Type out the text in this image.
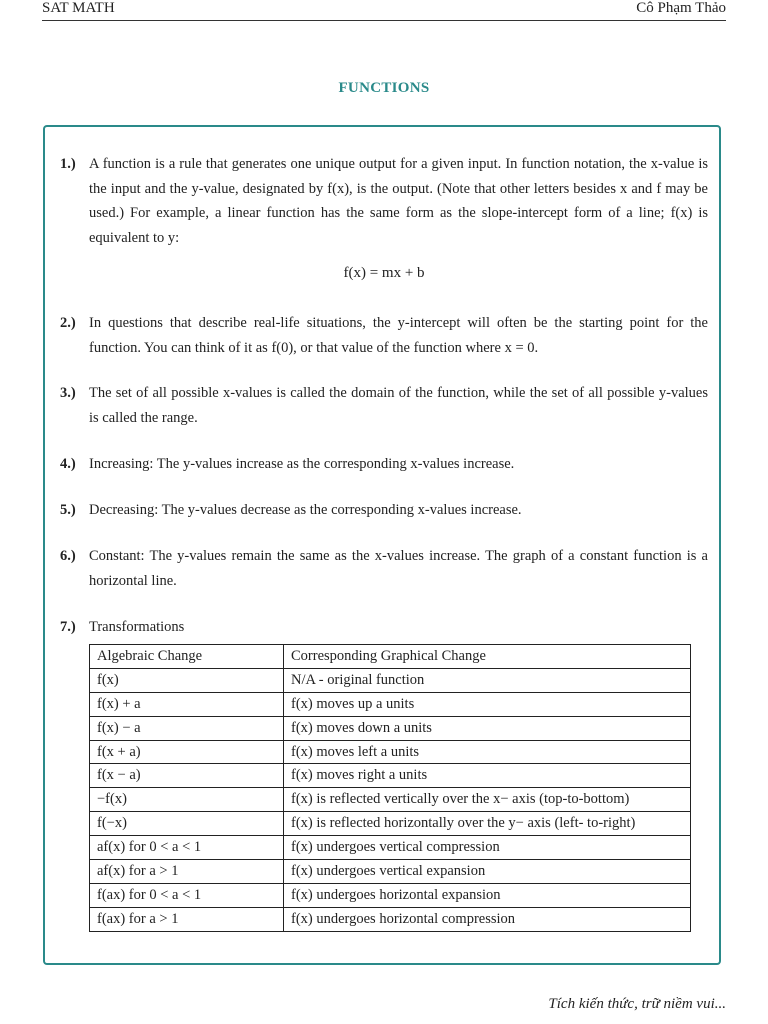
SAT MATH	Cô Phạm Thảo
FUNCTIONS
1.) A function is a rule that generates one unique output for a given input. In function notation, the x-value is the input and the y-value, designated by f(x), is the output. (Note that other letters besides x and f may be used.) For example, a linear function has the same form as the slope-intercept form of a line; f(x) is equivalent to y:
f(x) = mx + b
2.) In questions that describe real-life situations, the y-intercept will often be the starting point for the function. You can think of it as f(0), or that value of the function where x = 0.
3.) The set of all possible x-values is called the domain of the function, while the set of all possible y-values is called the range.
4.) Increasing: The y-values increase as the corresponding x-values increase.
5.) Decreasing: The y-values decrease as the corresponding x-values increase.
6.) Constant: The y-values remain the same as the x-values increase. The graph of a constant function is a horizontal line.
7.) Transformations
Algebraic Change	Corresponding Graphical Change
f(x)	N/A - original function
f(x) + a	f(x) moves up a units
f(x) − a	f(x) moves down a units
f(x + a)	f(x) moves left a units
f(x − a)	f(x) moves right a units
−f(x)	f(x) is reflected vertically over the x− axis (top-to-bottom)
f(−x)	f(x) is reflected horizontally over the y− axis (left- to-right)
af(x) for 0 < a < 1	f(x) undergoes vertical compression
af(x) for a > 1	f(x) undergoes vertical expansion
f(ax) for 0 < a < 1	f(x) undergoes horizontal expansion
f(ax) for a > 1	f(x) undergoes horizontal compression
Tích kiến thức, trữ niềm vui...
